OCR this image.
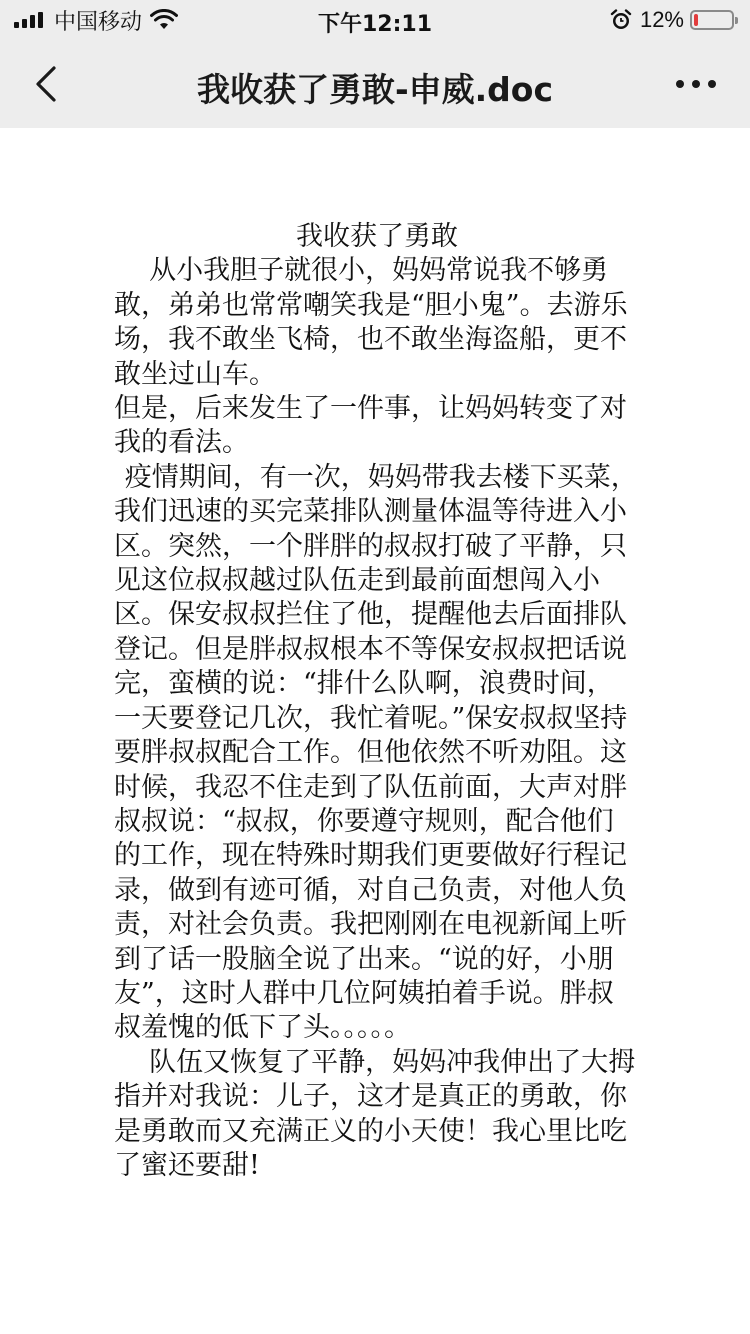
中国移动	下午12:11	12%
我收获了勇敢-申威.doc
我收获了勇敢

从小我胆子就很小，妈妈常说我不够勇敢，弟弟也常常嘲笑我是“胆小鬼”。去游乐场，我不敢坐飞椅，也不敢坐海盗船，更不敢坐过山车。

但是，后来发生了一件事，让妈妈转变了对我的看法。

疫情期间，有一次，妈妈带我去楼下买菜，我们迅速的买完菜排队测量体温等待进入小区。突然，一个胖胖的叔叔打破了平静，只见这位叔叔越过队伍走到最前面想闯入小区。保安叔叔拦住了他，提醒他去后面排队登记。但是胖叔叔根本不等保安叔叔把话说完，蛮横的说：“排什么队啊，浪费时间，一天要登记几次，我忙着呢。”保安叔叔坚持要胖叔叔配合工作。但他依然不听劝阻。这时候，我忍不住走到了队伍前面，大声对胖叔叔说：“叔叔，你要遵守规则，配合他们的工作，现在特殊时期我们更要做好行程记录，做到有迹可循，对自己负责，对他人负责，对社会负责。我把刚刚在电视新闻上听到了话一股脑全说了出来。“说的好，小朋友”，这时人群中几位阿姨拍着手说。胖叔叔羞愧的低下了头。。。。。

队伍又恢复了平静，妈妈冲我伸出了大拇指并对我说：儿子，这才是真正的勇敢，你是勇敢而又充满正义的小天使！我心里比吃了蜜还要甜!
